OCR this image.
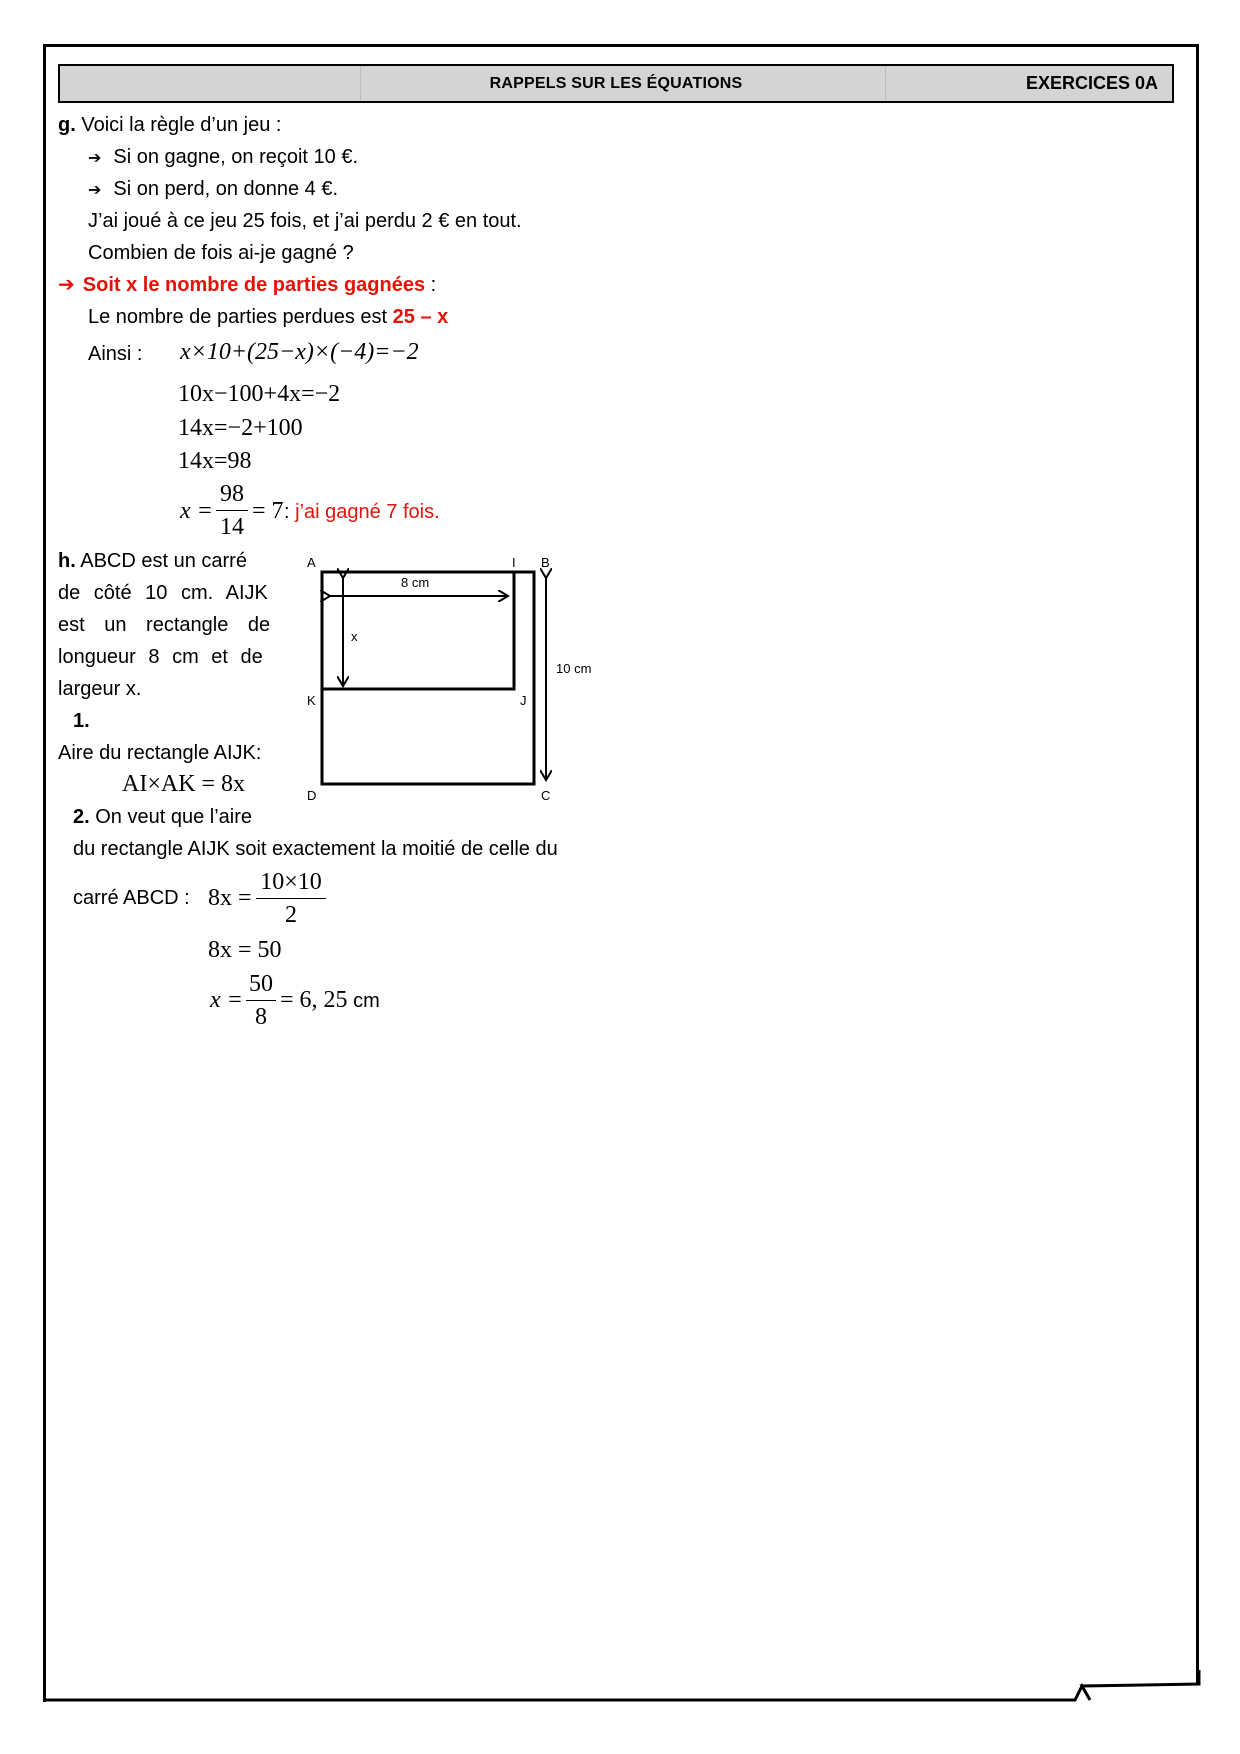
RAPPELS SUR LES ÉQUATIONS	EXERCICES 0A
g. Voici la règle d’un jeu :
➔ Si on gagne, on reçoit 10 €.
➔ Si on perd, on donne 4 €.
J’ai joué à ce jeu 25 fois, et j’ai perdu 2 € en tout.
Combien de fois ai-je gagné ?
➔ Soit x le nombre de parties gagnées :
Le nombre de parties perdues est 25 – x
Ainsi : x×10+(25−x)×(−4)=−2
10x−100+4x=−2
14x=−2+100
14x=98
x =
98
14
= 7 : j’ai gagné 7 fois.
h. ABCD est un carré
de côté 10 cm. AIJK
est un rectangle de
longueur 8 cm et de
largeur x.
1.
Aire du rectangle AIJK:
AI×AK = 8x
2. On veut que l’aire
du rectangle AIJK soit exactement la moitié de celle du
carré ABCD : 8x =
10×10
2
8x = 50
x =
50
8
= 6, 25 cm
A	I B
K	J
D	C
8 cm
x
10 cm
